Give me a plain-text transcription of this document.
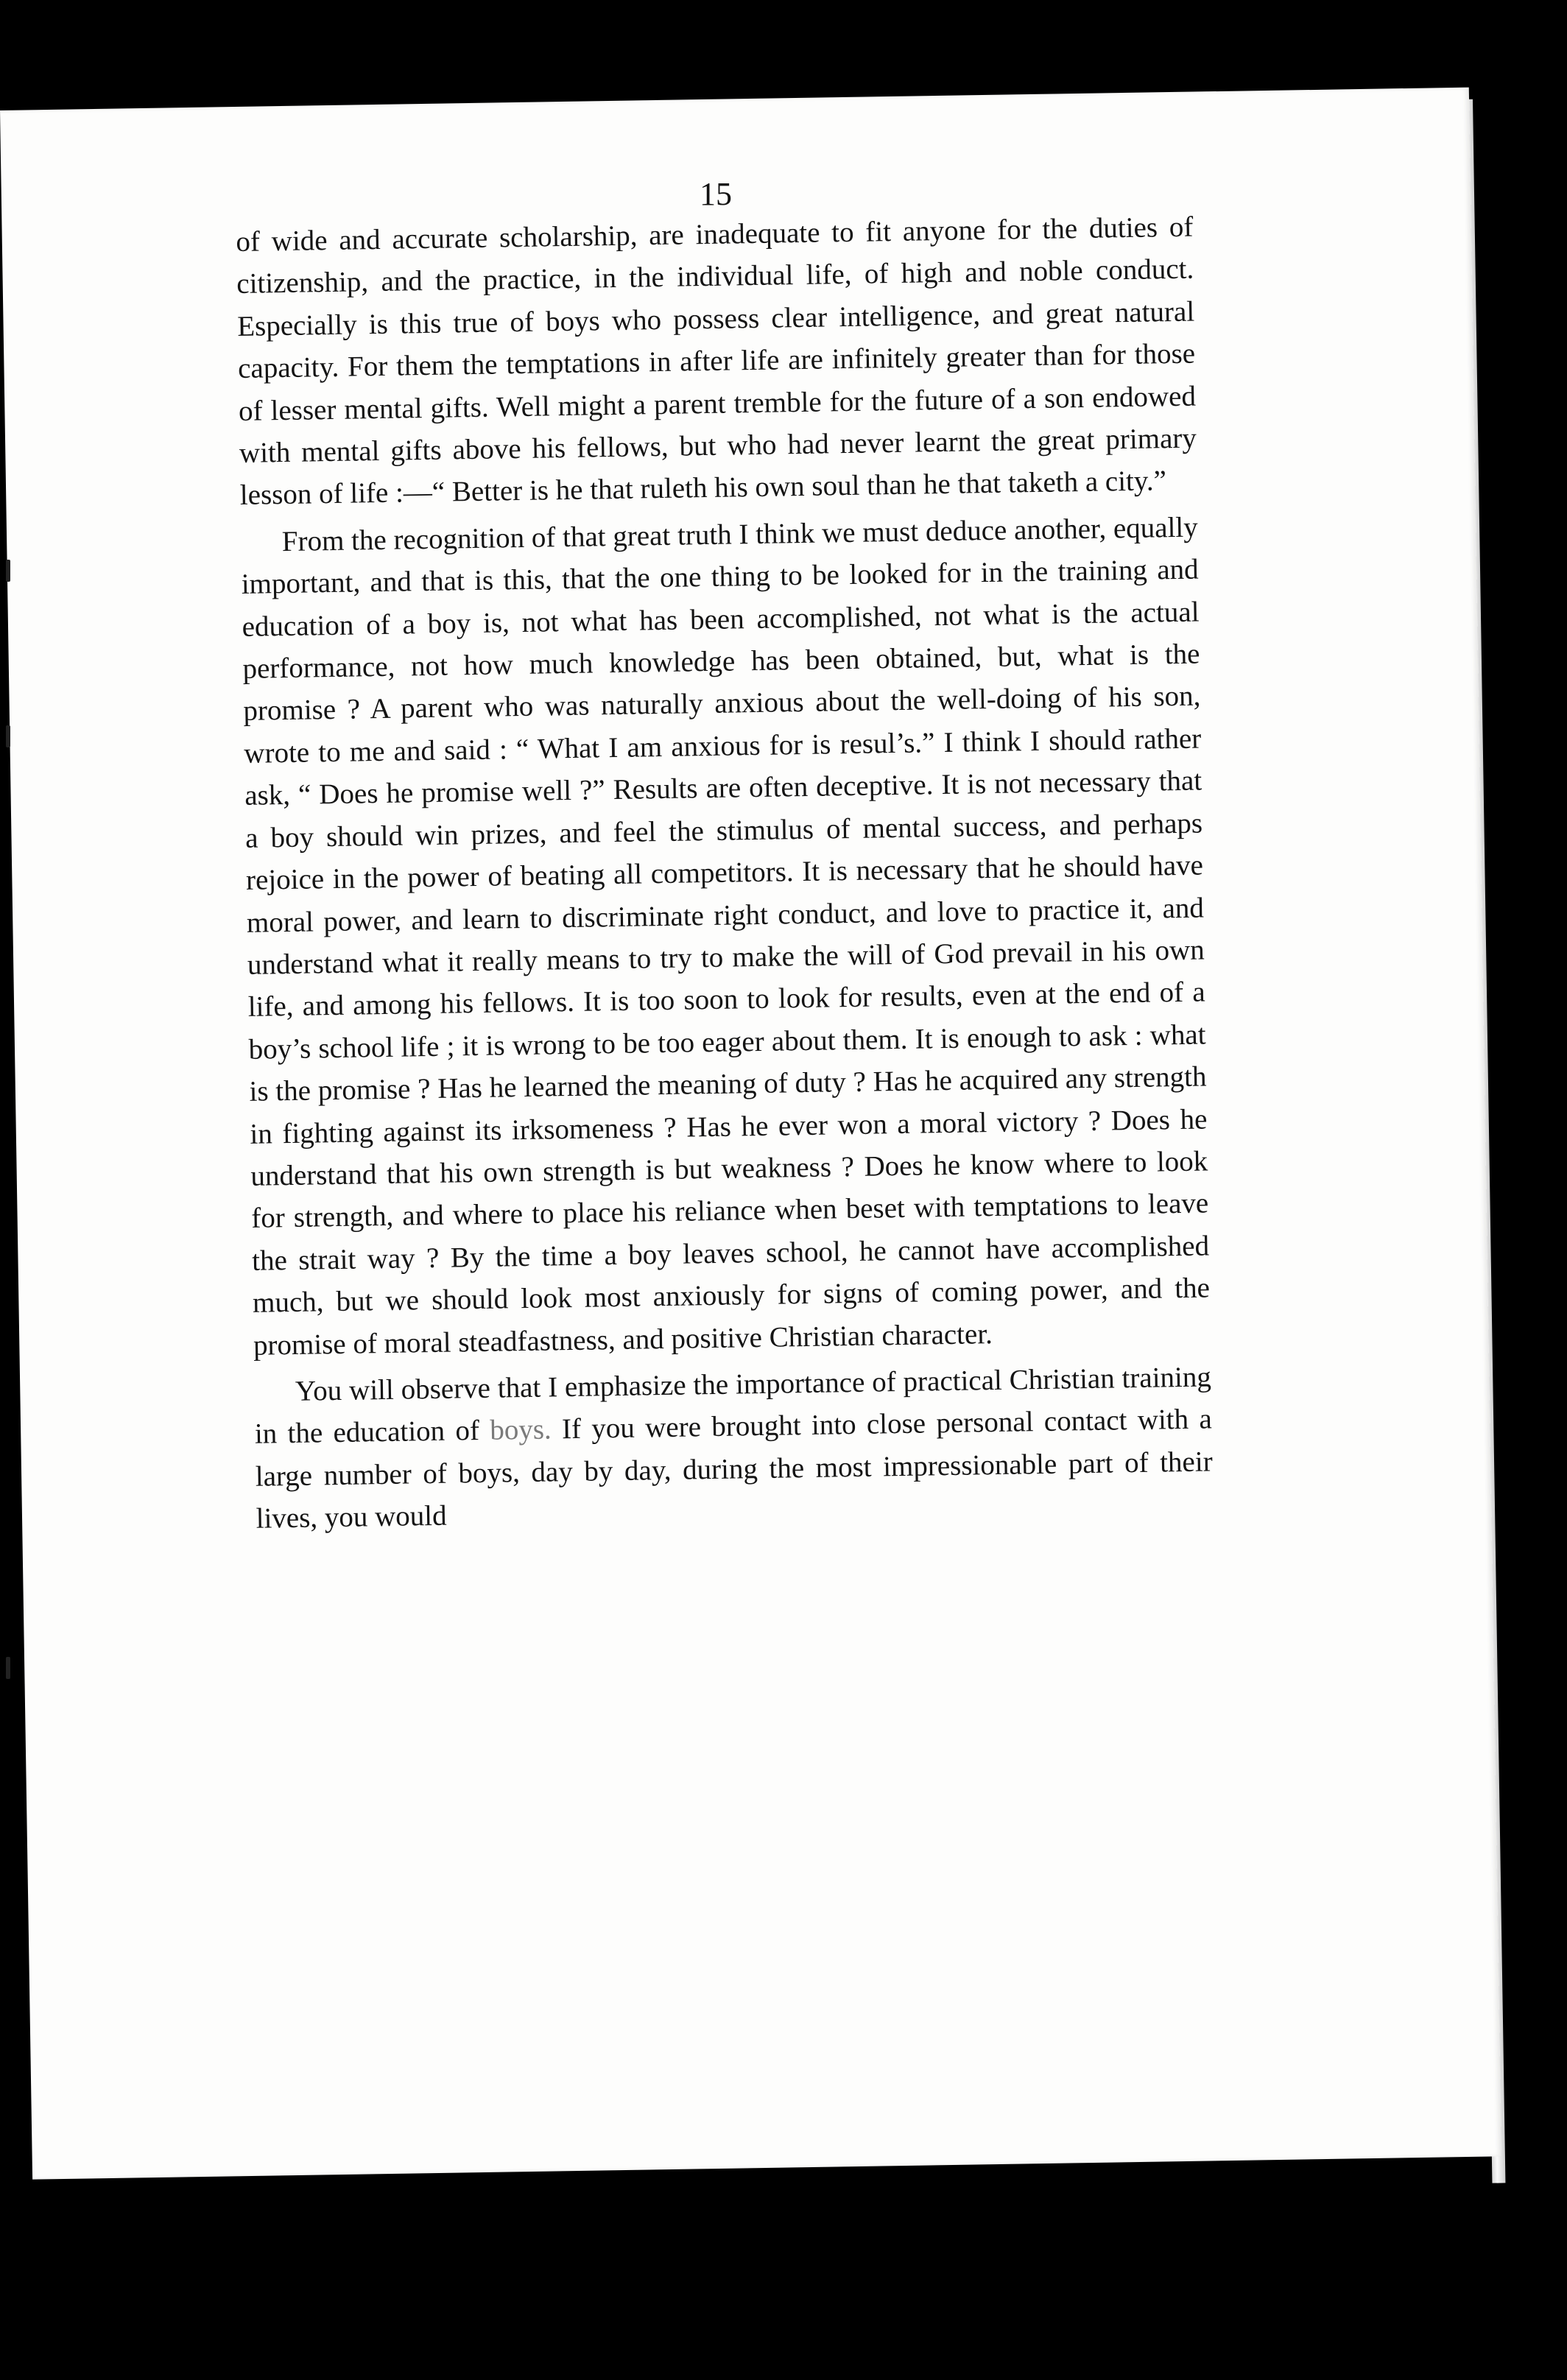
15

of wide and accurate scholarship, are inadequate to fit anyone for the duties of citizenship, and the practice, in the individual life, of high and noble conduct. Especially is this true of boys who possess clear intelligence, and great natural capacity. For them the temptations in after life are infinitely greater than for those of lesser mental gifts. Well might a parent tremble for the future of a son endowed with mental gifts above his fellows, but who had never learnt the great primary lesson of life :—“ Better is he that ruleth his own soul than he that taketh a city.”

From the recognition of that great truth I think we must deduce another, equally important, and that is this, that the one thing to be looked for in the training and education of a boy is, not what has been accomplished, not what is the actual performance, not how much knowledge has been obtained, but, what is the promise ? A parent who was naturally anxious about the well-doing of his son, wrote to me and said : “ What I am anxious for is resul’s.” I think I should rather ask, “ Does he promise well ?” Results are often deceptive. It is not necessary that a boy should win prizes, and feel the stimulus of mental success, and perhaps rejoice in the power of beating all competitors. It is necessary that he should have moral power, and learn to discriminate right conduct, and love to practice it, and understand what it really means to try to make the will of God prevail in his own life, and among his fellows. It is too soon to look for results, even at the end of a boy’s school life ; it is wrong to be too eager about them. It is enough to ask : what is the promise ? Has he learned the meaning of duty ? Has he acquired any strength in fighting against its irksomeness ? Has he ever won a moral victory ? Does he understand that his own strength is but weakness ? Does he know where to look for strength, and where to place his reliance when beset with temptations to leave the strait way ? By the time a boy leaves school, he cannot have accomplished much, but we should look most anxiously for signs of coming power, and the promise of moral steadfastness, and positive Christian character.

You will observe that I emphasize the importance of practical Christian training in the education of boys. If you were brought into close personal contact with a large number of boys, day by day, during the most impressionable part of their lives, you would
